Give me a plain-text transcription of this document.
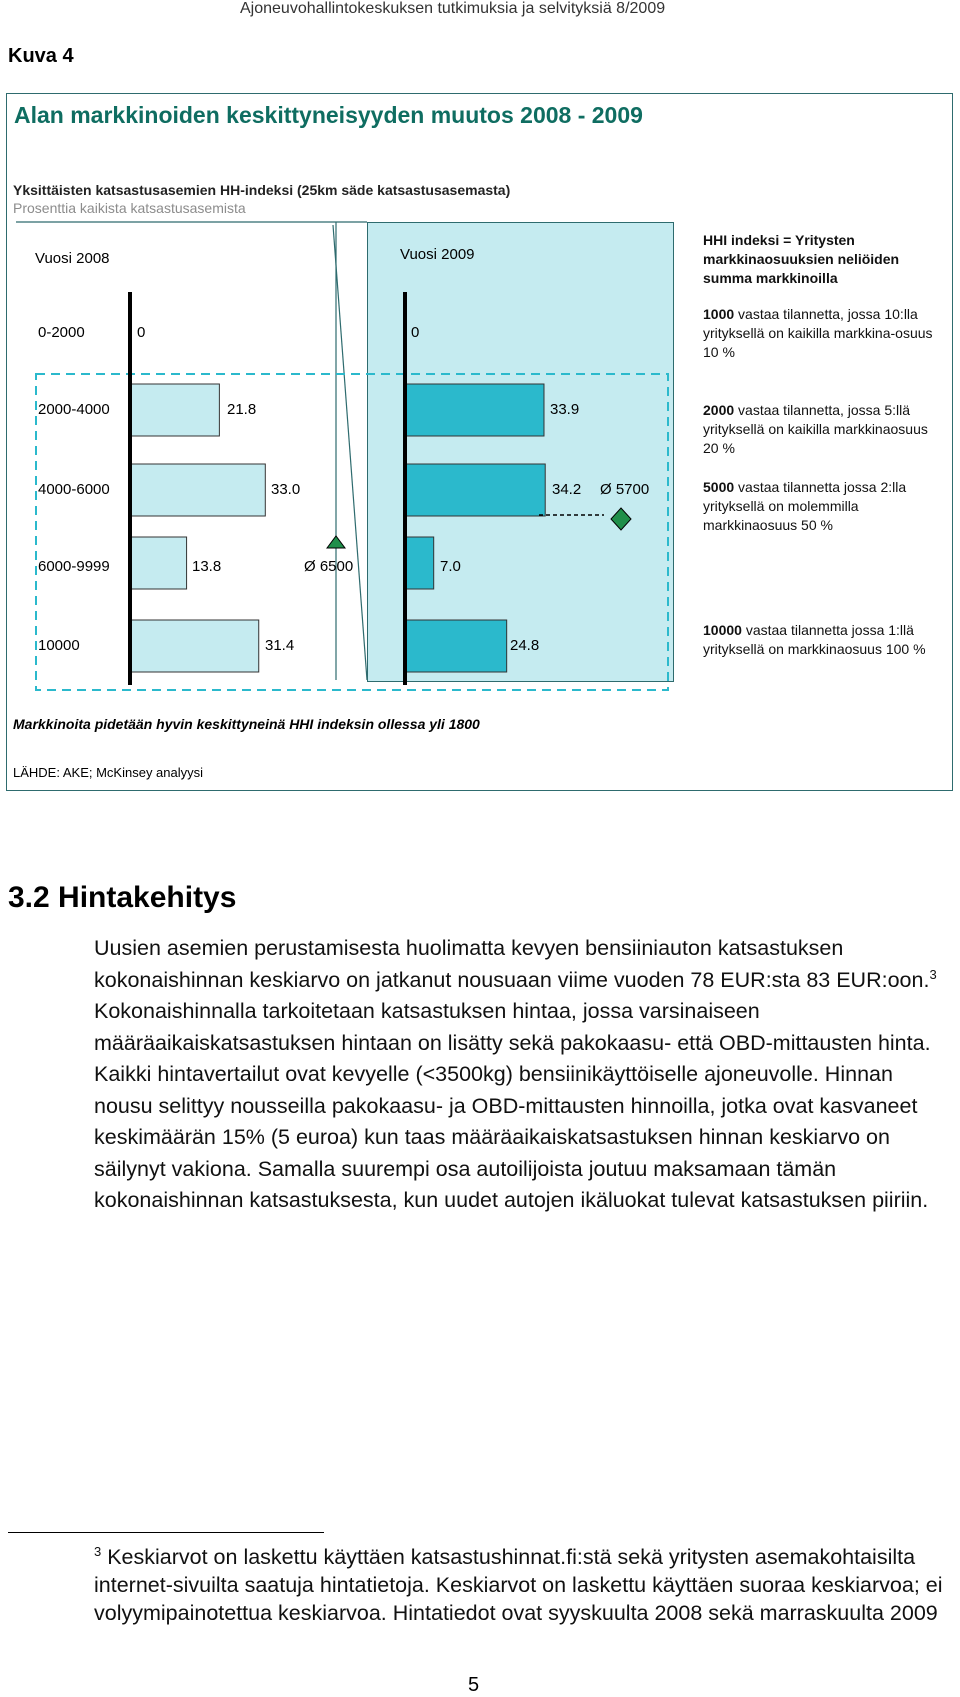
Ajoneuvohallintokeskuksen tutkimuksia ja selvityksiä 8/2009
Kuva 4
Alan markkinoiden keskittyneisyyden muutos 2008 - 2009
Yksittäisten katsastusasemien HH-indeksi (25km säde katsastusasemasta)
Prosenttia kaikista katsastusasemista
Vuosi 2008	Vuosi 2009
0-2000
2000-4000
4000-6000
6000-9999
10000
0
21.8
33.0
13.8
31.4
Ø 6500
0
33.9
34.2
7.0
24.8
Ø 5700
HHI indeksi = Yritysten markkinaosuuksien neliöiden summa markkinoilla
1000 vastaa tilannetta, jossa 10:lla yrityksellä on kaikilla markkina-osuus 10 %
2000 vastaa tilannetta, jossa 5:llä yrityksellä on kaikilla markkinaosuus 20 %
5000 vastaa tilannetta jossa 2:lla yrityksellä on molemmilla markkinaosuus 50 %
10000 vastaa tilannetta jossa 1:llä yrityksellä on markkinaosuus 100 %
Markkinoita pidetään hyvin keskittyneinä HHI indeksin ollessa yli 1800
LÄHDE: AKE; McKinsey analyysi
3.2 Hintakehitys
Uusien asemien perustamisesta huolimatta kevyen bensiiniauton katsastuksen kokonaishinnan keskiarvo on jatkanut nousuaan viime vuoden 78 EUR:sta 83 EUR:oon.$^3$ Kokonaishinnalla tarkoitetaan katsastuksen hintaa, jossa varsinaiseen määräaikaiskatsastuksen hintaan on lisätty sekä pakokaasu- että OBD-mittausten hinta. Kaikki hintavertailut ovat kevyelle (<3500kg) bensiinikäyttöiselle ajoneuvolle. Hinnan nousu selittyy nousseilla pakokaasu- ja OBD-mittausten hinnoilla, jotka ovat kasvaneet keskimäärän 15% (5 euroa) kun taas määräaikaiskatsastuksen hinnan keskiarvo on säilynyt vakiona. Samalla suurempi osa autoilijoista joutuu maksamaan tämän kokonaishinnan katsastuksesta, kun uudet autojen ikäluokat tulevat katsastuksen piiriin.
$^3$ Keskiarvot on laskettu käyttäen katsastushinnat.fi:stä sekä yritysten asemakohtaisilta internet-sivuilta saatuja hintatietoja. Keskiarvot on laskettu käyttäen suoraa keskiarvoa; ei volyymipainotettua keskiarvoa. Hintatiedot ovat syyskuulta 2008 sekä marraskuulta 2009
5
